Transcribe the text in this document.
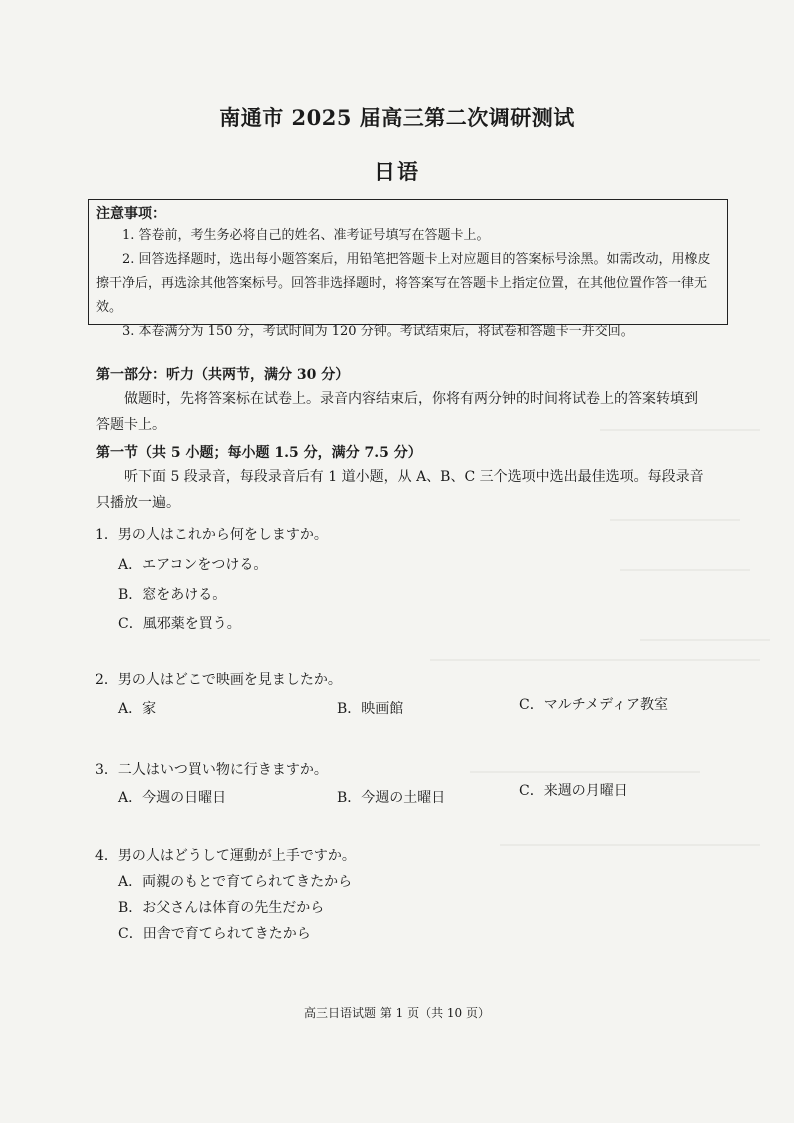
南通市 2025 届高三第二次调研测试
日语
注意事项：

1. 答卷前，考生务必将自己的姓名、准考证号填写在答题卡上。

2. 回答选择题时，选出每小题答案后，用铅笔把答题卡上对应题目的答案标号涂黑。如需改动，用橡皮擦干净后，再选涂其他答案标号。回答非选择题时，将答案写在答题卡上指定位置，在其他位置作答一律无效。

3. 本卷满分为 150 分，考试时间为 120 分钟。考试结束后，将试卷和答题卡一并交回。

第一部分：听力（共两节，满分 30 分）

做题时，先将答案标在试卷上。录音内容结束后，你将有两分钟的时间将试卷上的答案转填到答题卡上。

第一节（共 5 小题；每小题 1.5 分，满分 7.5 分）

听下面 5 段录音，每段录音后有 1 道小题，从 A、B、C 三个选项中选出最佳选项。每段录音只播放一遍。

1．男の人はこれから何をしますか。
A．エアコンをつける。
B．窓をあける。
C．風邪薬を買う。
2．男の人はどこで映画を見ましたか。
A．家	B．映画館	C．マルチメディア教室
3．二人はいつ買い物に行きますか。
A．今週の日曜日	B．今週の土曜日	C．来週の月曜日
4．男の人はどうして運動が上手ですか。
A．両親のもとで育てられてきたから
B．お父さんは体育の先生だから
C．田舎で育てられてきたから
高三日语试题 第 1 页（共 10 页）
